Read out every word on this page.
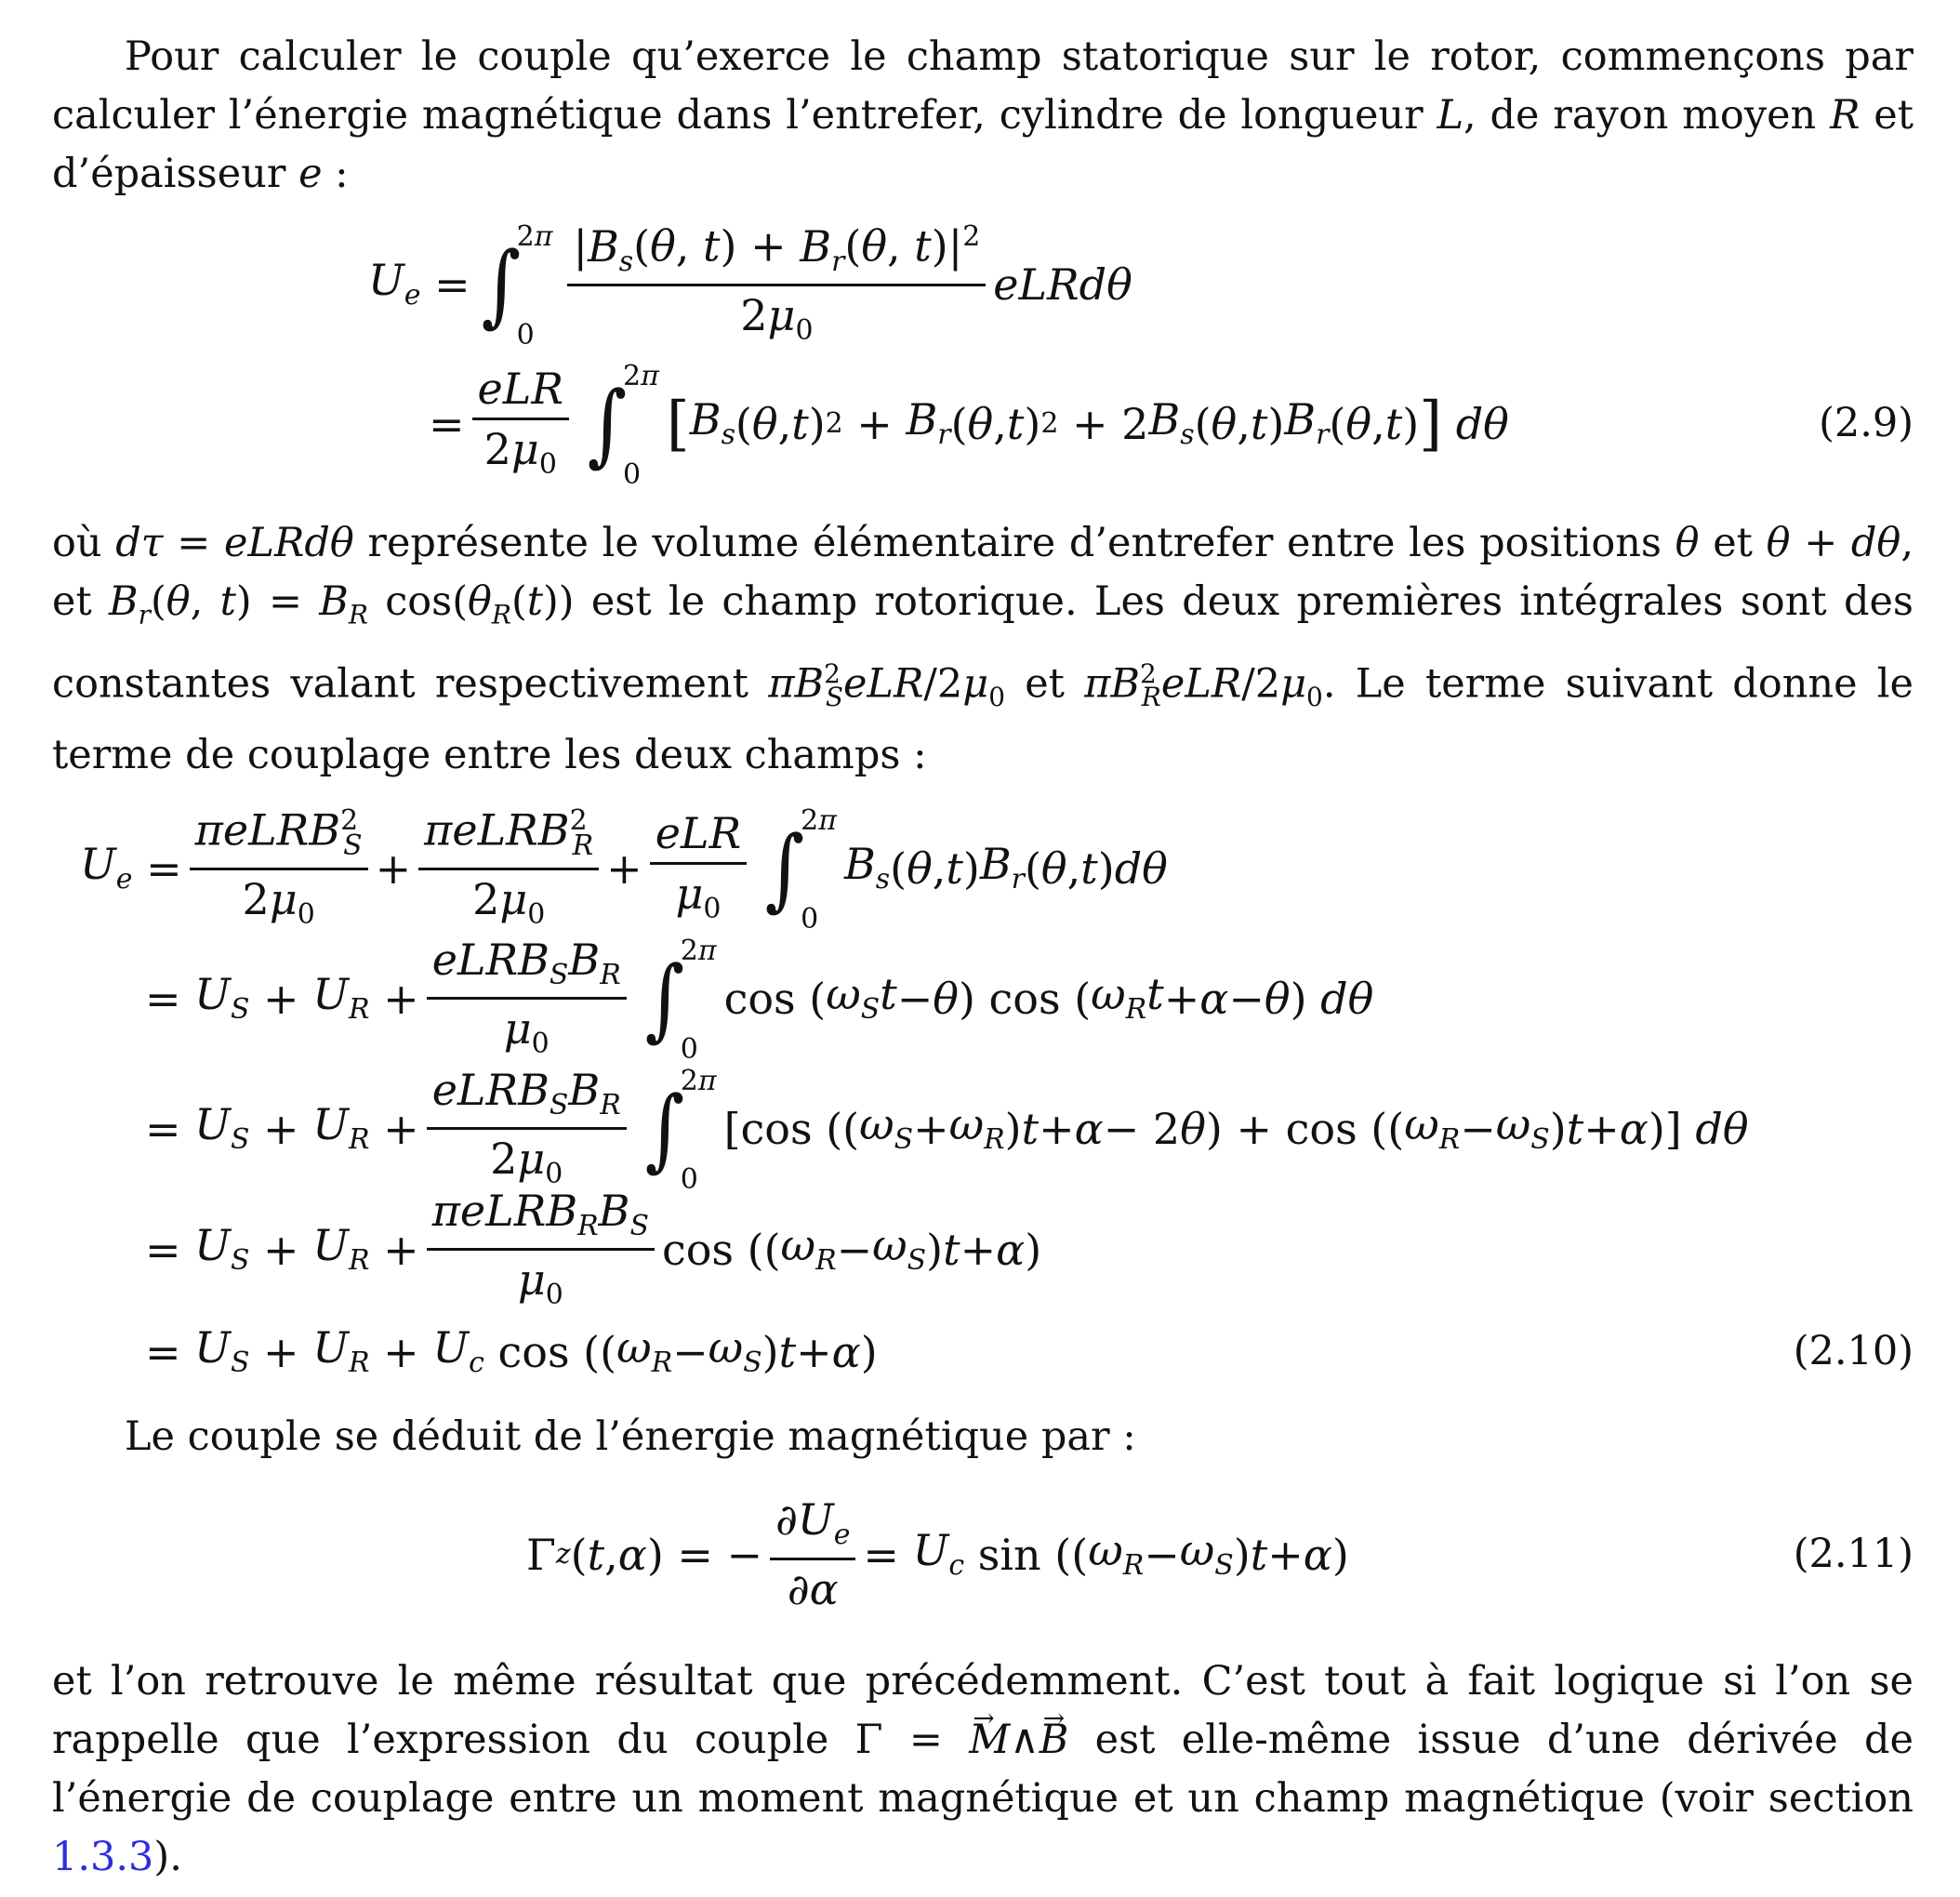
Pour calculer le couple qu’exerce le champ statorique sur le rotor, commençons par calculer l’énergie magnétique dans l’entrefer, cylindre de longueur L, de rayon moyen R et d’épaisseur e :

$U_e$ = ∫
2π
$0 \frac{|B_s(\theta, t) + B_r(\theta, t)|^2}{2\mu_0}$ eLRdθ
= $\frac{\text{eLR}}{2\mu_0}$ ∫
2π
0
[ $B_s$ ( θ , t ) $2 + B_r$ ( θ , t ) 2 + 2 $B_s$ ( θ , t ) $B_r$ ( θ , t ) ]
dθ	(2.9)

où dτ = eLRdθ représente le volume élémentaire d’entrefer entre les positions θ et θ + dθ, et $B_r(\theta$, $t) = B_R$ $\cos(\theta_R(t))$ est le champ rotorique. Les deux premières intégrales sont des constantes valant respectivement $\pi B^2_SeLR/2\mu_0$ et $\pi B^2_ReLR/2\mu_0$. Le terme suivant donne le terme de couplage entre les deux champs :

$U_e = \frac{\pi eLRB^2_S}{2\mu_0} + \frac{\pi eLRB^2_R}{2\mu_0} + \frac{\text{eLR}}{\mu_0}$ ∫
2π
0
$B_s$ ( θ , t ) $B_r$ ( θ , t ) dθ
= $U_S + U_R + \frac{eLRB_SB_R}{\mu_0}$ ∫
2π
0
cos ( $\omega_St - \theta$ ) cos ( $\omega_Rt + \alpha - \theta$ ) dθ
= $U_S + U_R + \frac{eLRB_SB_R}{2\mu_0}$ ∫
2π
0
[cos (( $\omega_S + \omega_R$ ) t + α − 2 θ ) + cos (( $\omega_R - \omega_S$ ) t + α )] dθ
= $U_S + U_R + \frac{\pi eLRB_RB_S}{\mu_0}$ cos (( $\omega_R - \omega_S$ ) t + α )
= $U_S + U_R + U_c$ cos (( $\omega_R - \omega_S$ ) t + α )	(2.10)

Le couple se déduit de l’énergie magnétique par :

Γ z ( t , α ) = − $\frac{\partial U_e}{\partial\alpha} = U_c$ sin (( $\omega_R - \omega_S$ ) t + α )	(2.11)

et l’on retrouve le même résultat que précédemment. C’est tout à fait logique si l’on se rappelle que l’expression du couple Γ = → M∧→ B est elle-même issue d’une dérivée de l’énergie de couplage entre un moment magnétique et un champ magnétique (voir section 1.3.3).
